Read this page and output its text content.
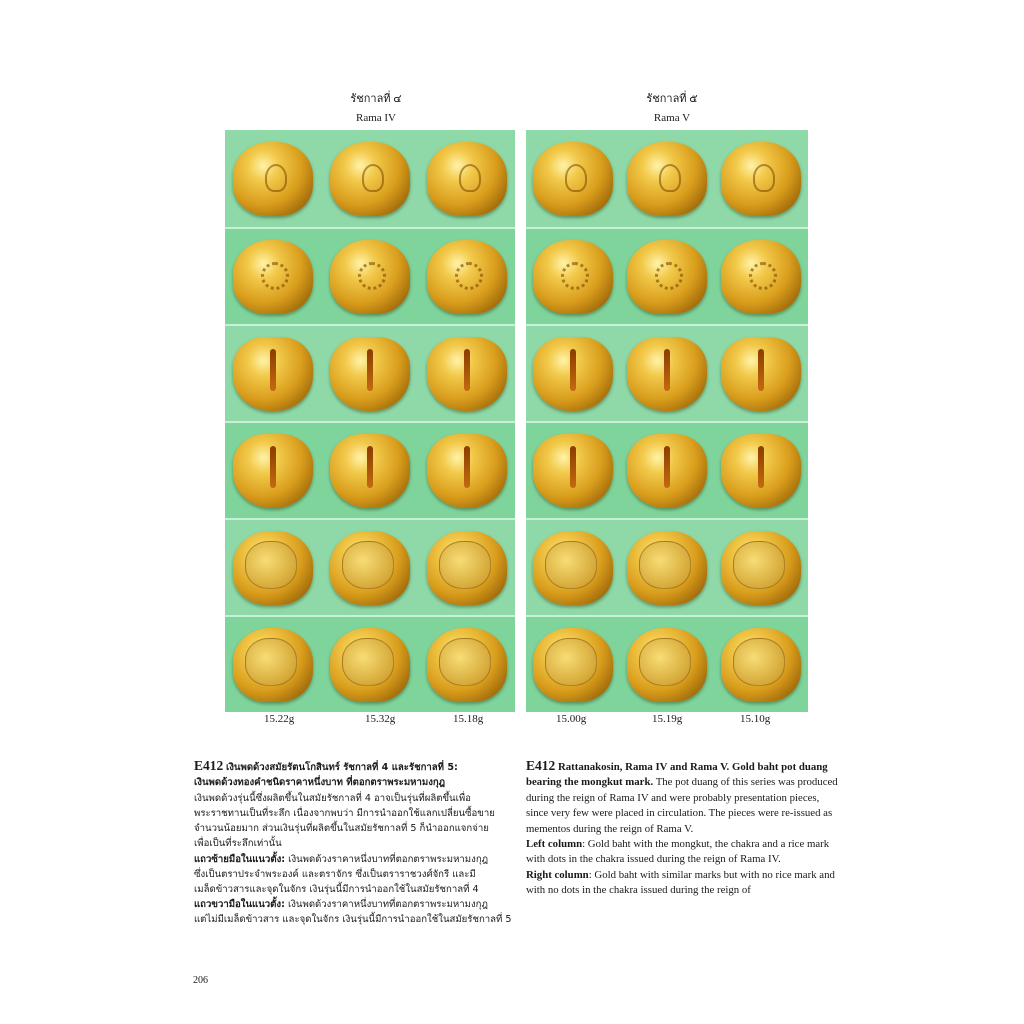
รัชกาลที่ ๔
Rama IV
รัชกาลที่ ๕
Rama V
15.22g	15.32g	15.18g	15.00g	15.19g	15.10g
E412 เงินพดด้วงสมัยรัตนโกสินทร์ รัชกาลที่ 4 และรัชกาลที่ 5:
เงินพดด้วงทองคำชนิดราคาหนึ่งบาท ที่ตอกตราพระมหามงกุฎ
เงินพดด้วงรุ่นนี้ซึ่งผลิตขึ้นในสมัยรัชกาลที่ 4 อาจเป็นรุ่นที่ผลิตขึ้นเพื่อ
พระราชทานเป็นที่ระลึก เนื่องจากพบว่า มีการนำออกใช้แลกเปลี่ยนซื้อขาย
จำนวนน้อยมาก ส่วนเงินรุ่นที่ผลิตขึ้นในสมัยรัชกาลที่ 5 ก็นำออกแจกจ่าย
เพื่อเป็นที่ระลึกเท่านั้น
แถวซ้ายมือในแนวตั้ง: เงินพดด้วงราคาหนึ่งบาทที่ตอกตราพระมหามงกุฎ
ซึ่งเป็นตราประจำพระองค์ และตราจักร ซึ่งเป็นตราราชวงศ์จักรี และมี
เมล็ดข้าวสารและจุดในจักร เงินรุ่นนี้มีการนำออกใช้ในสมัยรัชกาลที่ 4
แถวขวามือในแนวตั้ง: เงินพดด้วงราคาหนึ่งบาทที่ตอกตราพระมหามงกุฎ
แต่ไม่มีเมล็ดข้าวสาร และจุดในจักร เงินรุ่นนี้มีการนำออกใช้ในสมัยรัชกาลที่ 5
E412 Rattanakosin, Rama IV and Rama V. Gold baht pot duang bearing the mongkut mark. The pot duang of this series was produced during the reign of Rama IV and were probably presentation pieces, since very few were placed in circulation. The pieces were re-issued as mementos during the reign of Rama V.
Left column: Gold baht with the mongkut, the chakra and a rice mark with dots in the chakra issued during the reign of Rama IV.
Right column: Gold baht with similar marks but with no rice mark and with no dots in the chakra issued during the reign of
206
